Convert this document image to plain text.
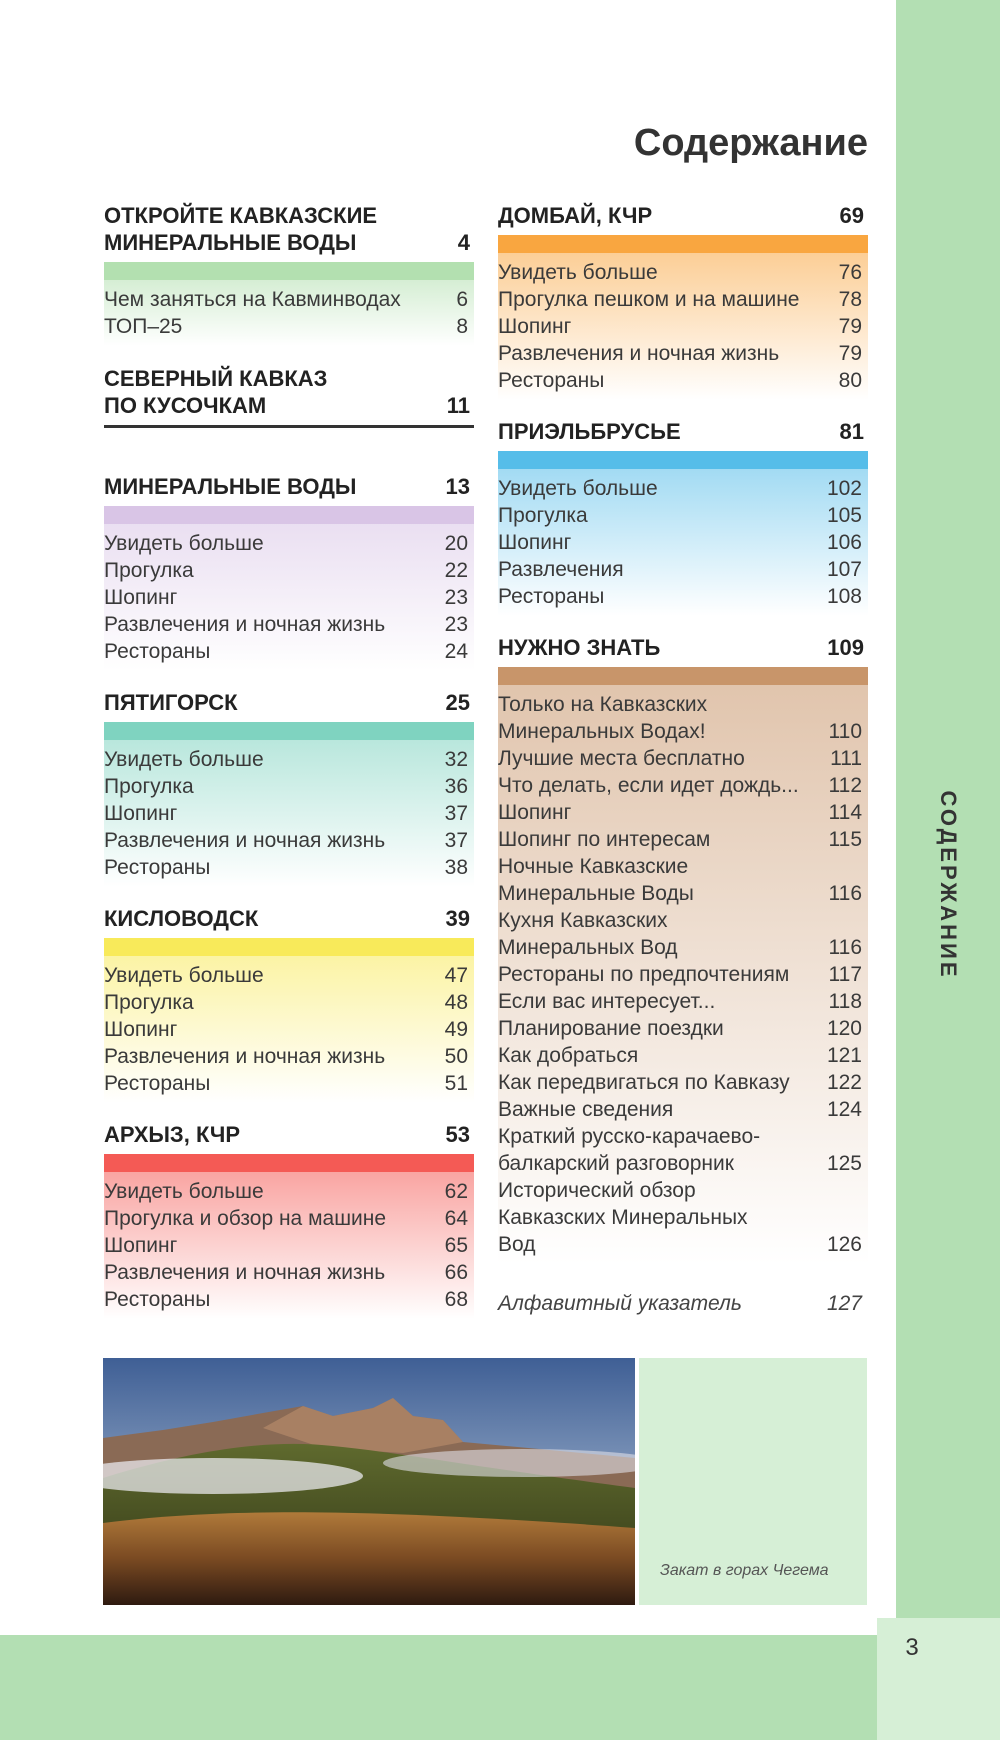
СОДЕРЖАНИЕ
3
Содержание
ОТКРОЙТЕ КАВКАЗСКИЕ
МИНЕРАЛЬНЫЕ ВОДЫ	4
Чем заняться на Кавминводах	6
ТОП–25	8
СЕВЕРНЫЙ КАВКАЗ
ПО КУСОЧКАМ	11
МИНЕРАЛЬНЫЕ ВОДЫ	13
Увидеть больше	20
Прогулка	22
Шопинг	23
Развлечения и ночная жизнь	23
Рестораны	24
ПЯТИГОРСК	25
Увидеть больше	32
Прогулка	36
Шопинг	37
Развлечения и ночная жизнь	37
Рестораны	38
КИСЛОВОДСК	39
Увидеть больше	47
Прогулка	48
Шопинг	49
Развлечения и ночная жизнь	50
Рестораны	51
АРХЫЗ, КЧР	53
Увидеть больше	62
Прогулка и обзор на машине	64
Шопинг	65
Развлечения и ночная жизнь	66
Рестораны	68
ДОМБАЙ, КЧР	69
Увидеть больше	76
Прогулка пешком и на машине	78
Шопинг	79
Развлечения и ночная жизнь	79
Рестораны	80
ПРИЭЛЬБРУСЬЕ	81
Увидеть больше	102
Прогулка	105
Шопинг	106
Развлечения	107
Рестораны	108
НУЖНО ЗНАТЬ	109
Только на Кавказских
Минеральных Водах!	110
Лучшие места бесплатно	111
Что делать, если идет дождь...	112
Шопинг	114
Шопинг по интересам	115
Ночные Кавказские
Минеральные Воды	116
Кухня Кавказских
Минеральных Вод	116
Рестораны по предпочтениям	117
Если вас интересует...	118
Планирование поездки	120
Как добраться	121
Как передвигаться по Кавказу	122
Важные сведения	124
Краткий русско-карачаево-
балкарский разговорник	125
Исторический обзор
Кавказских Минеральных
Вод	126
Алфавитный указатель	127
Закат в горах Чегема
